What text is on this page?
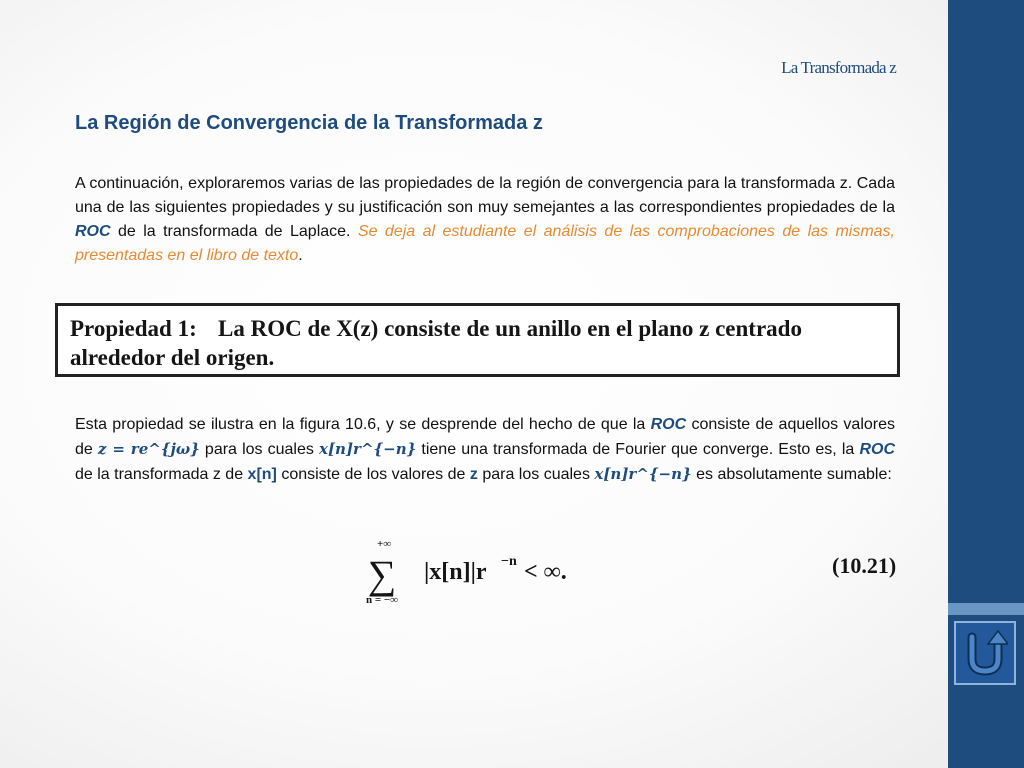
La Transformada z
La Región de Convergencia de la Transformada z

A continuación, exploraremos varias de las propiedades de la región de convergencia para la transformada z. Cada una de las siguientes propiedades y su justificación son muy semejantes a las correspondientes propiedades de la ROC de la transformada de Laplace. Se deja al estudiante el análisis de las comprobaciones de las mismas, presentadas en el libro de texto.

Propiedad 1: La ROC de X(z) consiste de un anillo en el plano z centrado alrededor del origen.

Esta propiedad se ilustra en la figura 10.6, y se desprende del hecho de que la ROC consiste de aquellos valores de z = re^{jω} para los cuales x[n]r^{−n} tiene una transformada de Fourier que converge. Esto es, la ROC de la transformada z de x[n] consiste de los valores de z para los cuales x[n]r^{−n} es absolutamente sumable:

+∞
∑
n = −∞
|x[n]|r −n < ∞.	(10.21)
